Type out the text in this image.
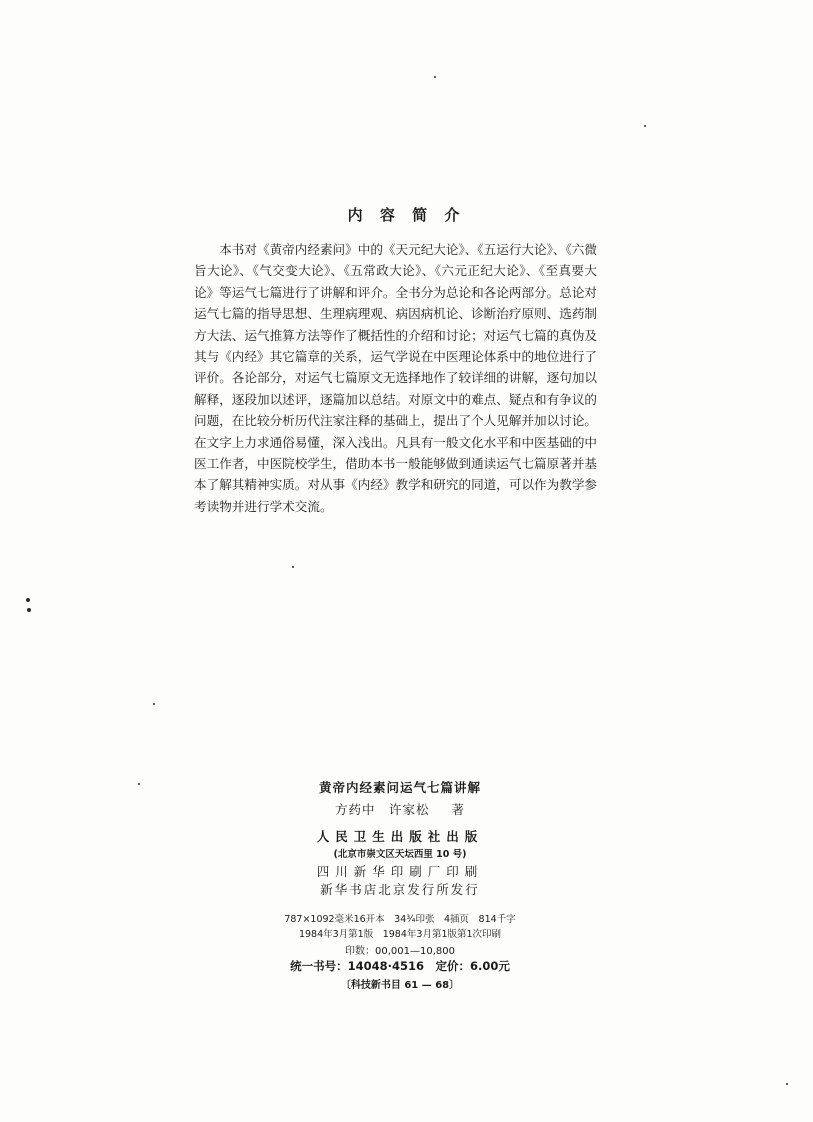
内 容 简 介

本书对《黄帝内经素问》中的《天元纪大论》、《五运行大论》、《六微旨大论》、《气交变大论》、《五常政大论》、《六元正纪大论》、《至真要大论》等运气七篇进行了讲解和评介。全书分为总论和各论两部分。总论对运气七篇的指导思想、生理病理观、病因病机论、诊断治疗原则、选药制方大法、运气推算方法等作了概括性的介绍和讨论；对运气七篇的真伪及其与《内经》其它篇章的关系，运气学说在中医理论体系中的地位进行了评价。各论部分，对运气七篇原文无选择地作了较详细的讲解，逐句加以解释，逐段加以述评，逐篇加以总结。对原文中的难点、疑点和有争议的问题，在比较分析历代注家注释的基础上，提出了个人见解并加以讨论。在文字上力求通俗易懂，深入浅出。凡具有一般文化水平和中医基础的中医工作者，中医院校学生，借助本书一般能够做到通读运气七篇原著并基本了解其精神实质。对从事《内经》教学和研究的同道，可以作为教学参考读物并进行学术交流。

黄帝内经素问运气七篇讲解
方药中　许家松 著
人民卫生出版社出版
(北京市崇文区天坛西里 10 号)
四川新华印刷厂印刷
新华书店北京发行所发行
787×1092毫米16开本　34¾印张　4插页　814千字
1984年3月第1版　1984年3月第1版第1次印刷
印数：00,001—10,800
统一书号：14048·4516　定价：6.00元
〔科技新书目 61 — 68〕
